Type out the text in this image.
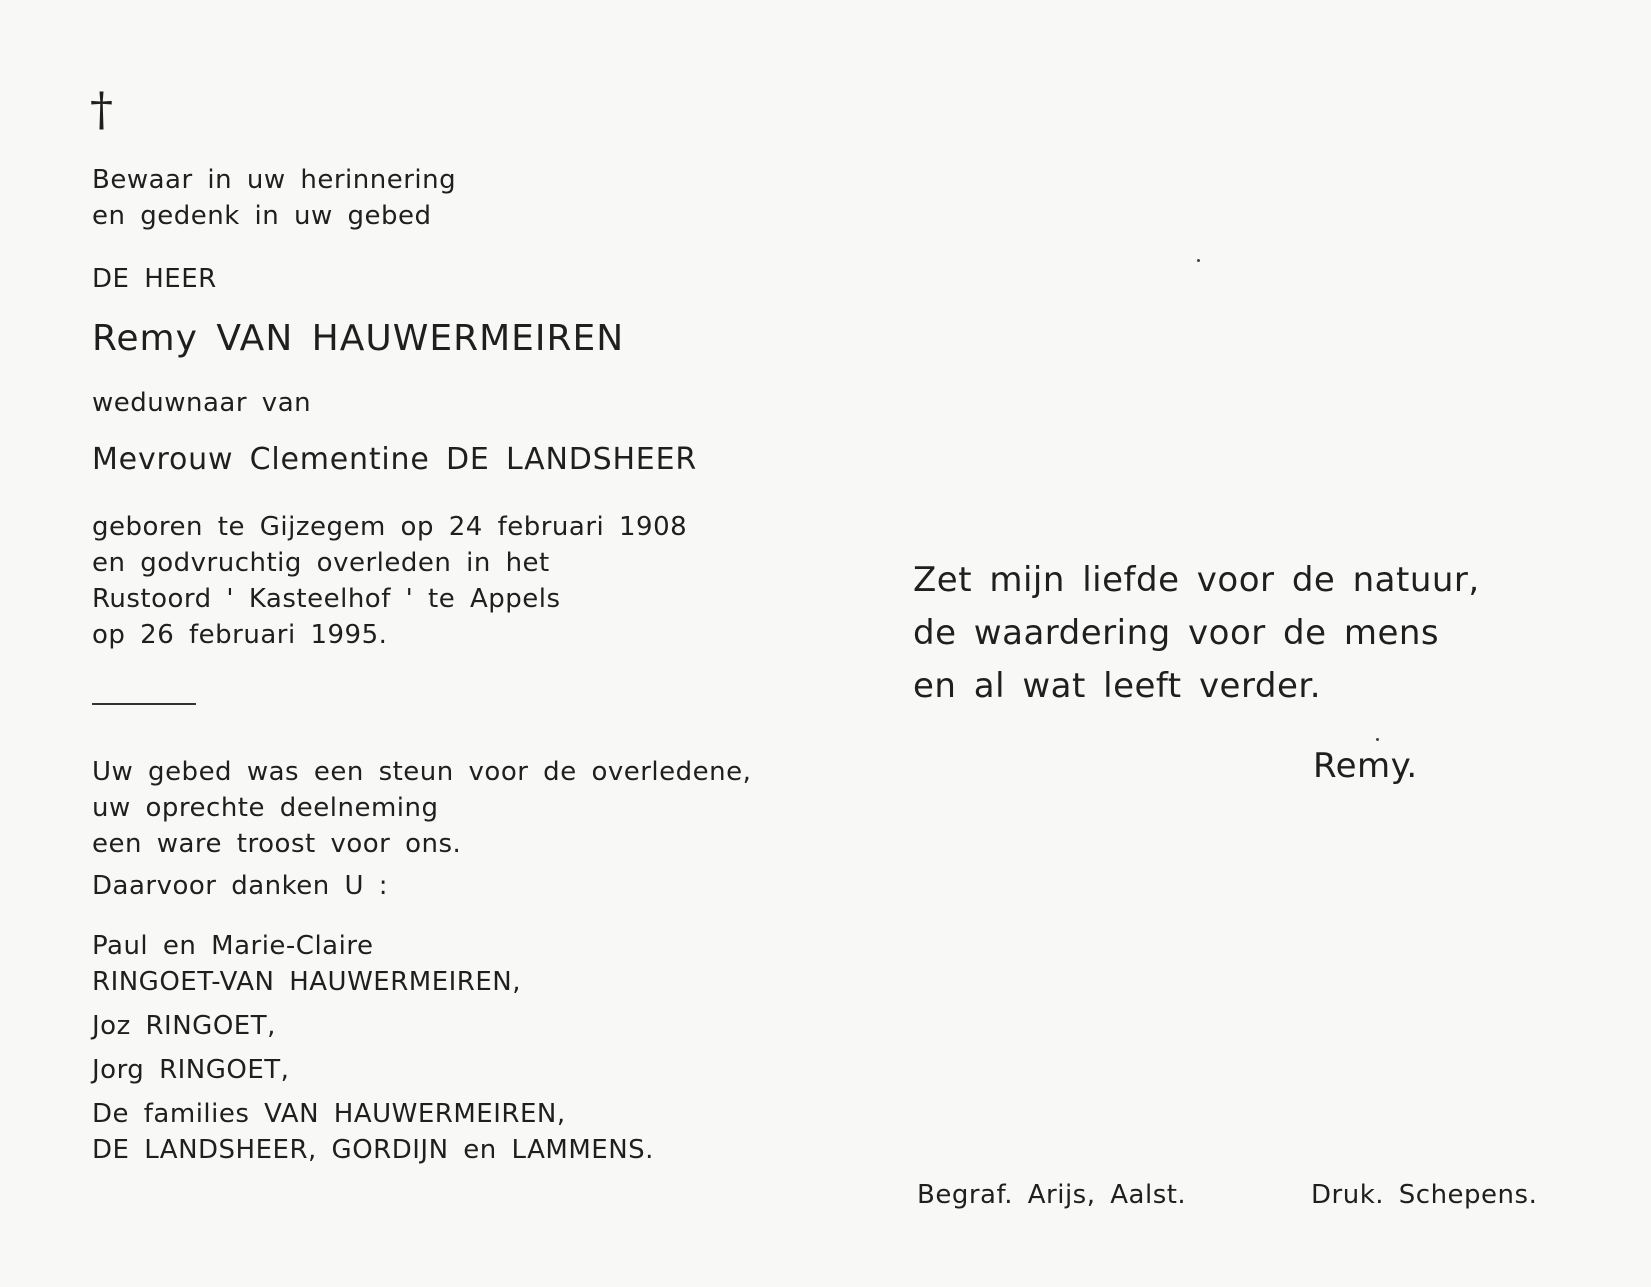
†
Bewaar in uw herinnering
en gedenk in uw gebed
DE HEER
Remy VAN HAUWERMEIREN
weduwnaar van
Mevrouw Clementine DE LANDSHEER
geboren te Gijzegem op 24 februari 1908
en godvruchtig overleden in het
Rustoord ' Kasteelhof ' te Appels
op 26 februari 1995.
Uw gebed was een steun voor de overledene,
uw oprechte deelneming
een ware troost voor ons.
Daarvoor danken U :
Paul en Marie-Claire
RINGOET-VAN HAUWERMEIREN,
Joz RINGOET,
Jorg RINGOET,
De families VAN HAUWERMEIREN,
DE LANDSHEER, GORDIJN en LAMMENS.
Zet mijn liefde voor de natuur,
de waardering voor de mens
en al wat leeft verder.
Remy.
Begraf. Arijs, Aalst.	Druk. Schepens.
